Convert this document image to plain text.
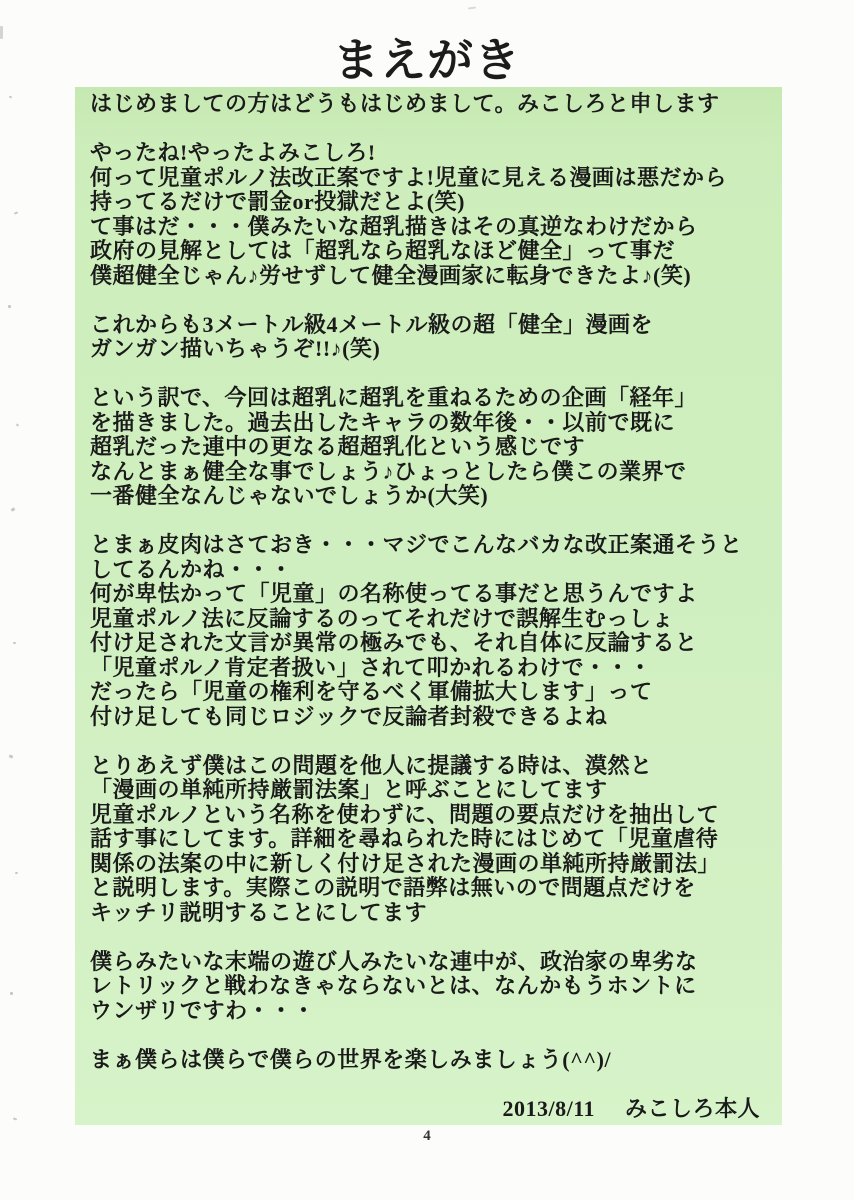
まえがき
はじめましての方はどうもはじめまして。みこしろと申します
やったね!やったよみこしろ!
何って児童ポルノ法改正案ですよ!児童に見える漫画は悪だから
持ってるだけで罰金or投獄だとよ(笑)
て事はだ・・・僕みたいな超乳描きはその真逆なわけだから
政府の見解としては「超乳なら超乳なほど健全」って事だ
僕超健全じゃん♪労せずして健全漫画家に転身できたよ♪(笑)
これからも3メートル級4メートル級の超「健全」漫画を
ガンガン描いちゃうぞ!!♪(笑)
という訳で、今回は超乳に超乳を重ねるための企画「経年」
を描きました。過去出したキャラの数年後・・以前で既に
超乳だった連中の更なる超超乳化という感じです
なんとまぁ健全な事でしょう♪ひょっとしたら僕この業界で
一番健全なんじゃないでしょうか(大笑)
とまぁ皮肉はさておき・・・マジでこんなバカな改正案通そうと
してるんかね・・・
何が卑怯かって「児童」の名称使ってる事だと思うんですよ
児童ポルノ法に反論するのってそれだけで誤解生むっしょ
付け足された文言が異常の極みでも、それ自体に反論すると
「児童ポルノ肯定者扱い」されて叩かれるわけで・・・
だったら「児童の権利を守るべく軍備拡大します」って
付け足しても同じロジックで反論者封殺できるよね
とりあえず僕はこの問題を他人に提議する時は、漠然と
「漫画の単純所持厳罰法案」と呼ぶことにしてます
児童ポルノという名称を使わずに、問題の要点だけを抽出して
話す事にしてます。詳細を尋ねられた時にはじめて「児童虐待
関係の法案の中に新しく付け足された漫画の単純所持厳罰法」
と説明します。実際この説明で語弊は無いので問題点だけを
キッチリ説明することにしてます
僕らみたいな末端の遊び人みたいな連中が、政治家の卑劣な
レトリックと戦わなきゃならないとは、なんかもうホントに
ウンザリですわ・・・
まぁ僕らは僕らで僕らの世界を楽しみましょう(^^)/
2013/8/11 みこしろ本人
4
